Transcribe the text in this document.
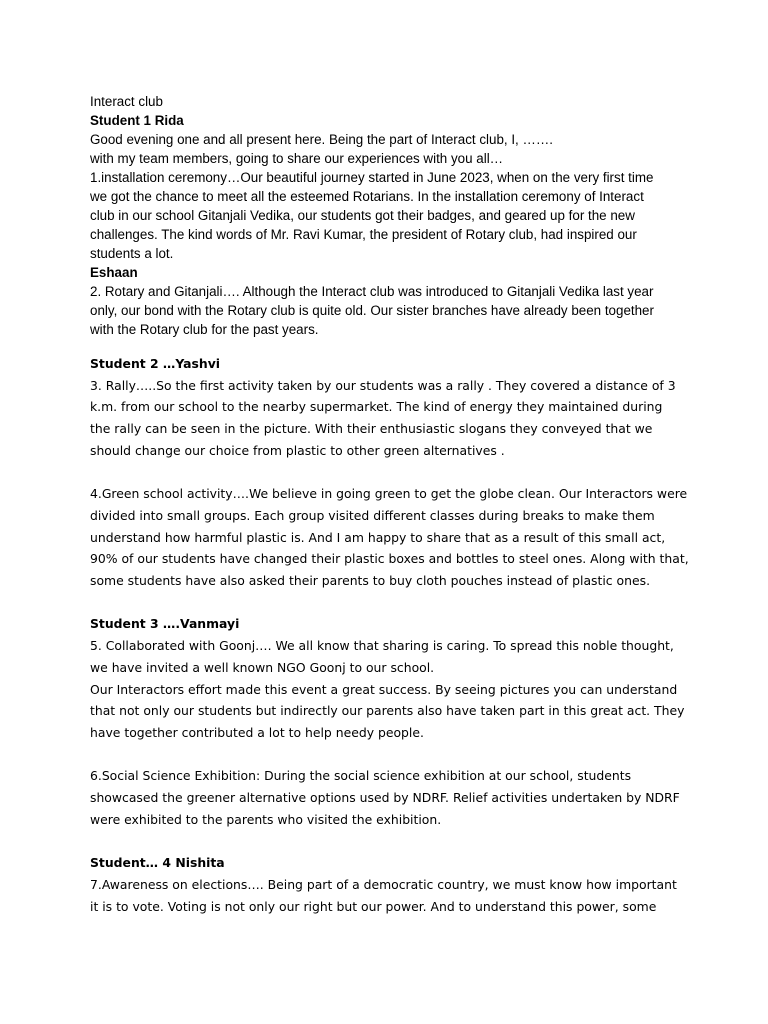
Interact club
Student 1 Rida
Good evening one and all present here. Being the part of Interact club, I, …….
with my team members, going to share our experiences with you all…
1.installation ceremony…Our beautiful journey started in June 2023, when on the very first time
we got the chance to meet all the esteemed Rotarians. In the installation ceremony of Interact
club in our school Gitanjali Vedika, our students got their badges, and geared up for the new
challenges. The kind words of Mr. Ravi Kumar, the president of Rotary club, had inspired our
students a lot.
Eshaan
2. Rotary and Gitanjali…. Although the Interact club was introduced to Gitanjali Vedika last year
only, our bond with the Rotary club is quite old. Our sister branches have already been together
with the Rotary club for the past years.
Student 2 …Yashvi
3. Rally…..So the first activity taken by our students was a rally . They covered a distance of 3
k.m. from our school to the nearby supermarket. The kind of energy they maintained during
the rally can be seen in the picture. With their enthusiastic slogans they conveyed that we
should change our choice from plastic to other green alternatives .
4.Green school activity….We believe in going green to get the globe clean. Our Interactors were
divided into small groups. Each group visited different classes during breaks to make them
understand how harmful plastic is. And I am happy to share that as a result of this small act,
90% of our students have changed their plastic boxes and bottles to steel ones. Along with that,
some students have also asked their parents to buy cloth pouches instead of plastic ones.
Student 3 ….Vanmayi
5. Collaborated with Goonj…. We all know that sharing is caring. To spread this noble thought,
we have invited a well known NGO Goonj to our school.
Our Interactors effort made this event a great success. By seeing pictures you can understand
that not only our students but indirectly our parents also have taken part in this great act. They
have together contributed a lot to help needy people.
6.Social Science Exhibition: During the social science exhibition at our school, students
showcased the greener alternative options used by NDRF. Relief activities undertaken by NDRF
were exhibited to the parents who visited the exhibition.
Student… 4 Nishita
7.Awareness on elections…. Being part of a democratic country, we must know how important
it is to vote. Voting is not only our right but our power. And to understand this power, some
